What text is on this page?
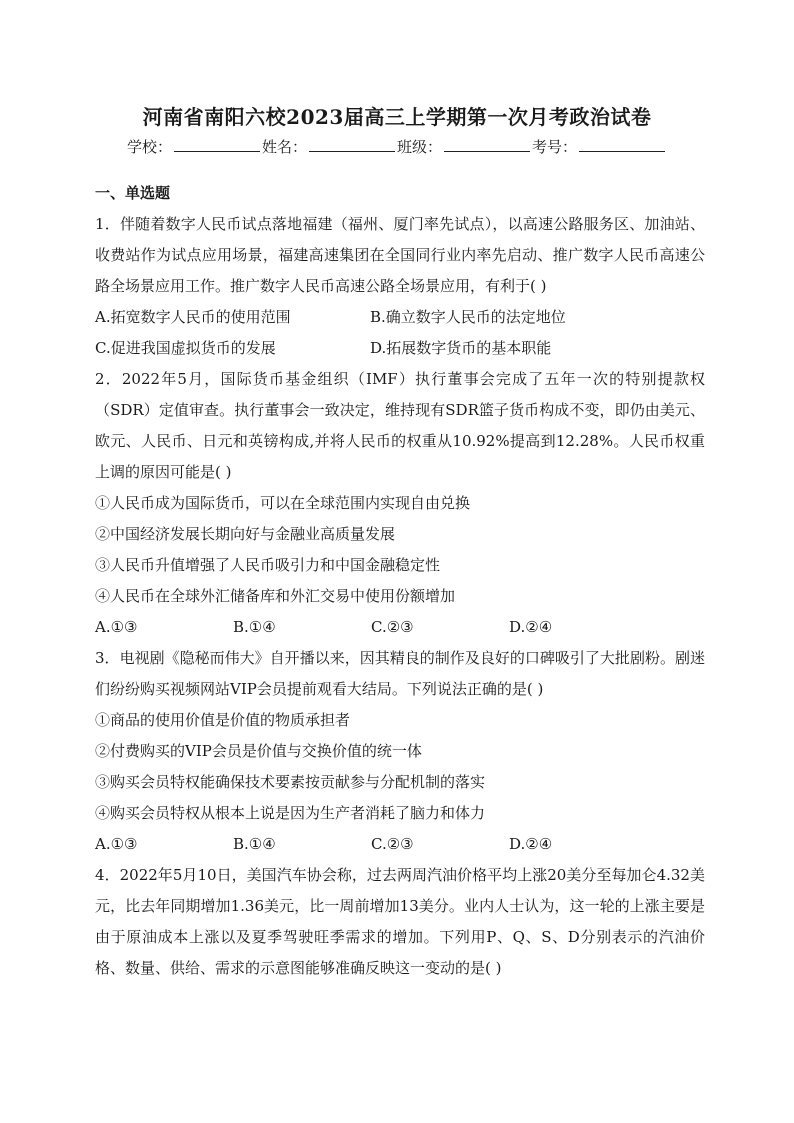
河南省南阳六校2023届高三上学期第一次月考政治试卷
学校：	姓名：	班级：	考号：
一、单选题

1．伴随着数字人民币试点落地福建（福州、厦门率先试点），以高速公路服务区、加油站、收费站作为试点应用场景，福建高速集团在全国同行业内率先启动、推广数字人民币高速公路全场景应用工作。推广数字人民币高速公路全场景应用，有利于( )

A.拓宽数字人民币的使用范围	B.确立数字人民币的法定地位
C.促进我国虚拟货币的发展	D.拓展数字货币的基本职能

2．2022年5月，国际货币基金组织（IMF）执行董事会完成了五年一次的特别提款权（SDR）定值审查。执行董事会一致决定，维持现有SDR篮子货币构成不变，即仍由美元、欧元、人民币、日元和英镑构成,并将人民币的权重从10.92%提高到12.28%。人民币权重上调的原因可能是( )

①人民币成为国际货币，可以在全球范围内实现自由兑换

②中国经济发展长期向好与金融业高质量发展

③人民币升值增强了人民币吸引力和中国金融稳定性

④人民币在全球外汇储备库和外汇交易中使用份额增加

A.①③	B.①④	C.②③	D.②④

3．电视剧《隐秘而伟大》自开播以来，因其精良的制作及良好的口碑吸引了大批剧粉。剧迷们纷纷购买视频网站VIP会员提前观看大结局。下列说法正确的是( )

①商品的使用价值是价值的物质承担者

②付费购买的VIP会员是价值与交换价值的统一体

③购买会员特权能确保技术要素按贡献参与分配机制的落实

④购买会员特权从根本上说是因为生产者消耗了脑力和体力

A.①③	B.①④	C.②③	D.②④

4．2022年5月10日，美国汽车协会称，过去两周汽油价格平均上涨20美分至每加仑4.32美元，比去年同期增加1.36美元，比一周前增加13美分。业内人士认为，这一轮的上涨主要是由于原油成本上涨以及夏季驾驶旺季需求的增加。下列用P、Q、S、D分别表示的汽油价格、数量、供给、需求的示意图能够准确反映这一变动的是( )
